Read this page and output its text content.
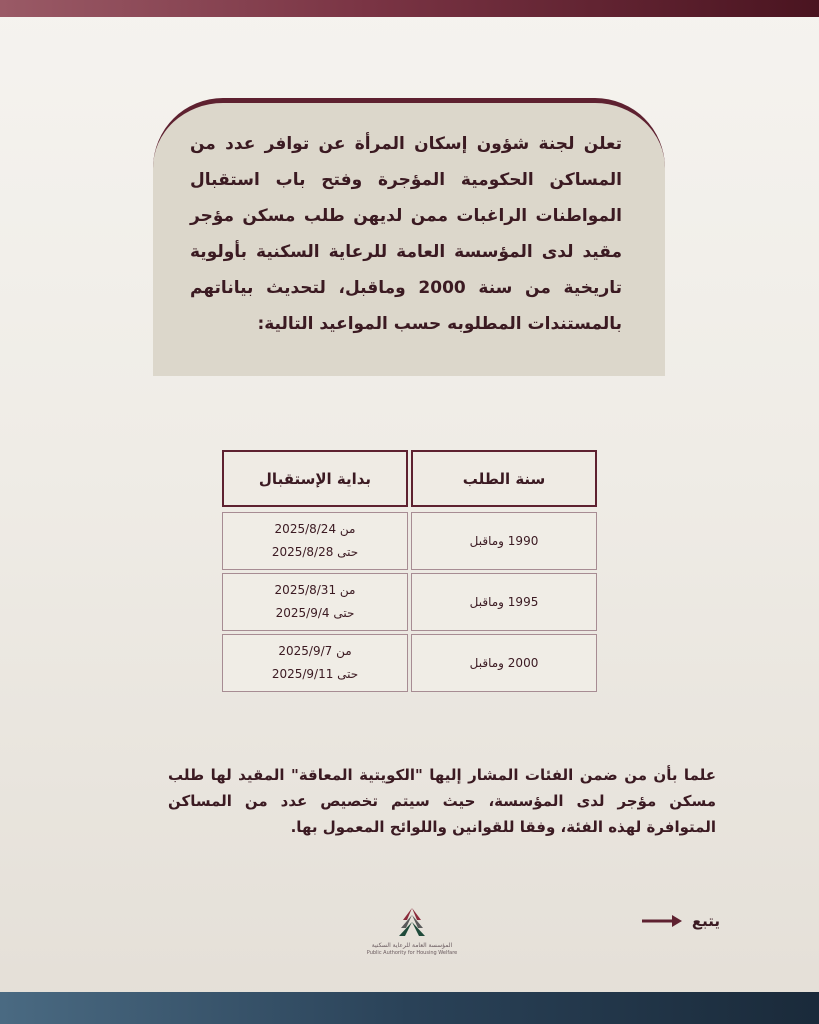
تعلن لجنة شؤون إسكان المرأة عن توافر عدد من المساكن الحكومية المؤجرة وفتح باب استقبال المواطنات الراغبات ممن لديهن طلب مسكن مؤجر مقيد لدى المؤسسة العامة للرعاية السكنية بأولوية تاريخية من سنة 2000 وماقبل، لتحديث بياناتهم بالمستندات المطلوبه حسب المواعيد التالية:

سنة الطلب
بداية الإستقبال
1990 وماقبل
من 2025/8/24
حتى 2025/8/28
1995 وماقبل
من 2025/8/31
حتى 2025/9/4
2000 وماقبل
من 2025/9/7
حتى 2025/9/11

علما بأن من ضمن الفئات المشار إليها "الكويتية المعاقة" المقيد لها طلب مسكن مؤجر لدى المؤسسة، حيث سيتم تخصيص عدد من المساكن المتوافرة لهذه الفئة، وفقا للقوانين واللوائح المعمول بها.

يتبع
المؤسسة العامة للرعاية السكنية
Public Authority for Housing Welfare
